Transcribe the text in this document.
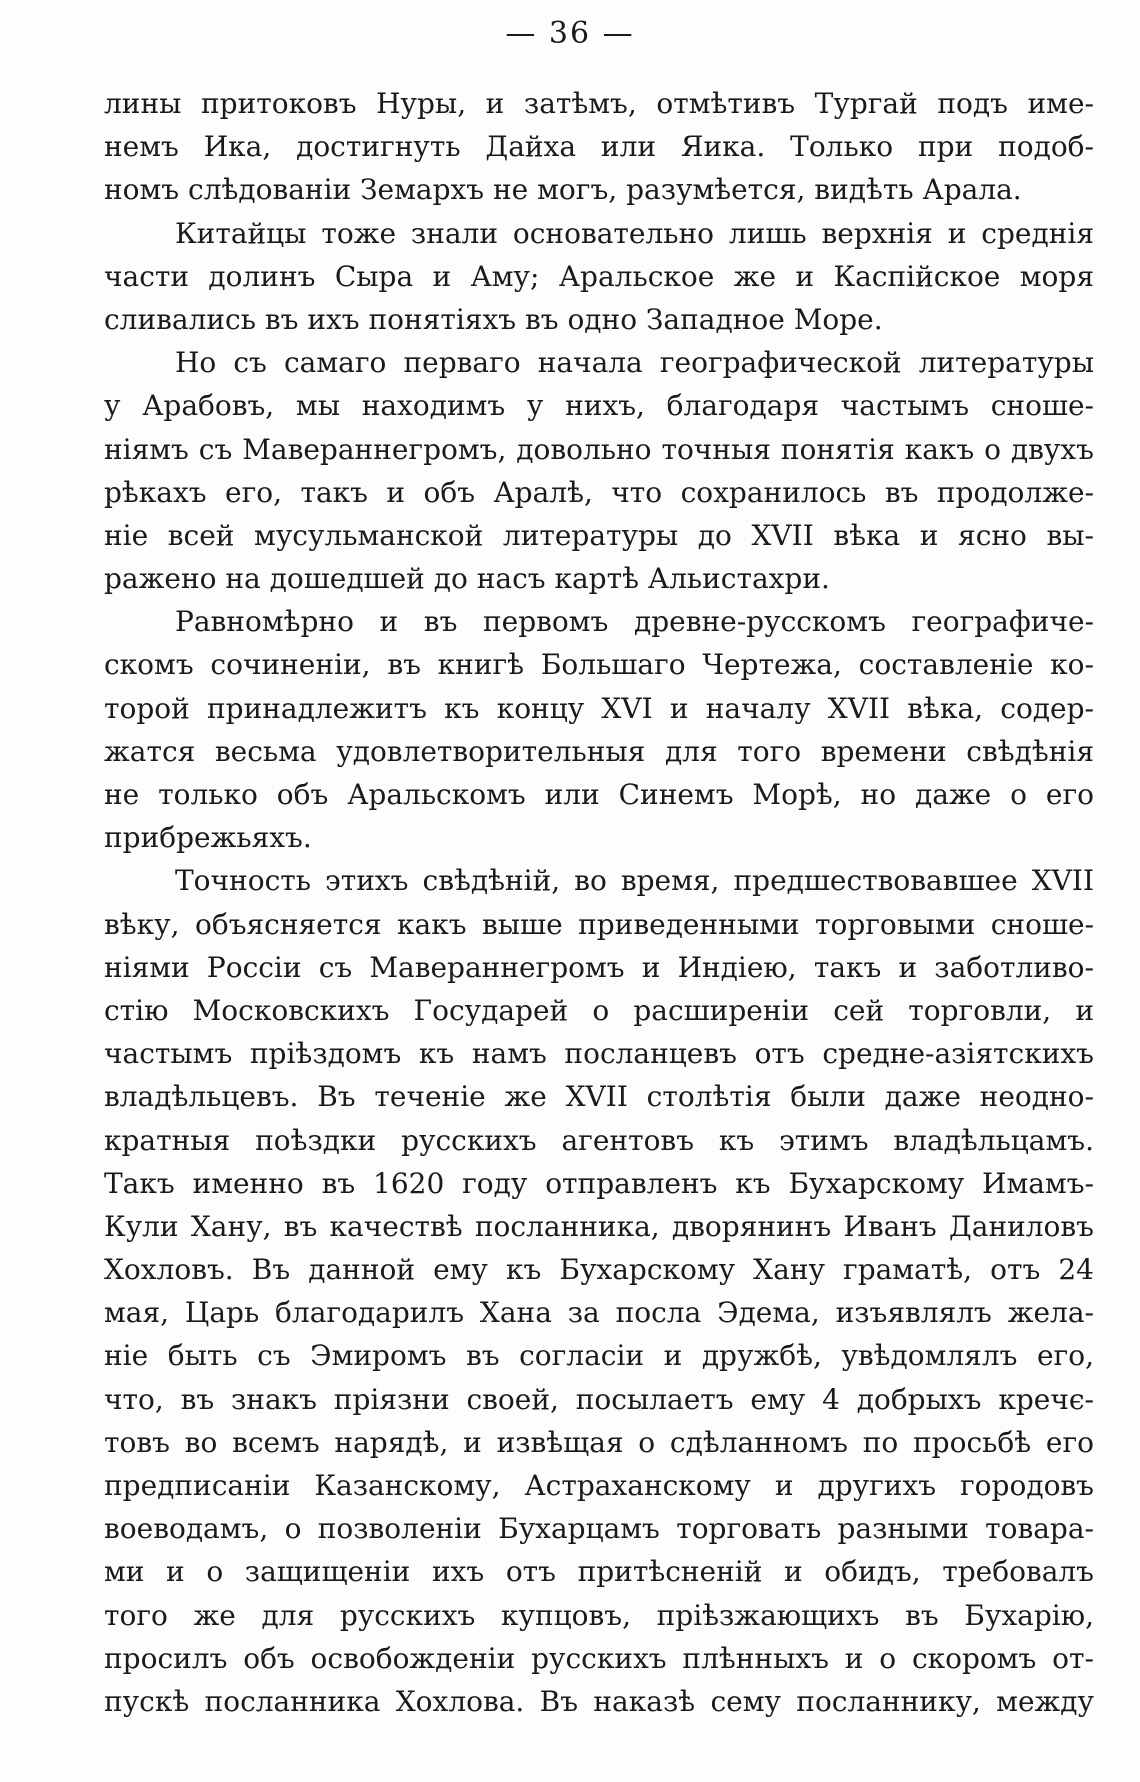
— 36 —
лины притоковъ Нуры, и затѣмъ, отмѣтивъ Тургай подъ име-
немъ Ика, достигнуть Дайха или Яика. Только при подоб-
номъ слѣдованіи Земархъ не могъ, разумѣется, видѣть Арала.
Китайцы тоже знали основательно лишь верхнія и среднія
части долинъ Сыра и Аму; Аральское же и Каспійское моря
сливались въ ихъ понятіяхъ въ одно Западное Море.
Но съ самаго перваго начала географической литературы
у Арабовъ, мы находимъ у нихъ, благодаря частымъ сноше-
ніямъ съ Мавераннегромъ, довольно точныя понятія какъ о двухъ
рѣкахъ его, такъ и объ Аралѣ, что сохранилось въ продолже-
ніе всей мусульманской литературы до XVII вѣка и ясно вы-
ражено на дошедшей до насъ картѣ Альистахри.
Равномѣрно и въ первомъ древне-русскомъ географиче-
скомъ сочиненіи, въ книгѣ Большаго Чертежа, составленіе ко-
торой принадлежитъ къ концу XVI и началу XVII вѣка, содер-
жатся весьма удовлетворительныя для того времени свѣдѣнія
не только объ Аральскомъ или Синемъ Морѣ, но даже о его
прибрежьяхъ.
Точность этихъ свѣдѣній, во время, предшествовавшее XVII
вѣку, объясняется какъ выше приведенными торговыми сноше-
ніями Россіи съ Мавераннегромъ и Индіею, такъ и заботливо-
стію Московскихъ Государей о расширеніи сей торговли, и
частымъ пріѣздомъ къ намъ посланцевъ отъ средне-азіятскихъ
владѣльцевъ. Въ теченіе же XVII столѣтія были даже неодно-
кратныя поѣздки русскихъ агентовъ къ этимъ владѣльцамъ.
Такъ именно въ 1620 году отправленъ къ Бухарскому Имамъ-
Кули Хану, въ качествѣ посланника, дворянинъ Иванъ Даниловъ
Хохловъ. Въ данной ему къ Бухарскому Хану граматѣ, отъ 24
мая, Царь благодарилъ Хана за посла Эдема, изъявлялъ жела-
ніе быть съ Эмиромъ въ согласіи и дружбѣ, увѣдомлялъ его,
что, въ знакъ пріязни своей, посылаетъ ему 4 добрыхъ кречє-
товъ во всемъ нарядѣ, и извѣщая о сдѣланномъ по просьбѣ его
предписаніи Казанскому, Астраханскому и другихъ городовъ
воеводамъ, о позволеніи Бухарцамъ торговать разными товара-
ми и о защищеніи ихъ отъ притѣсненій и обидъ, требовалъ
того же для русскихъ купцовъ, пріѣзжающихъ въ Бухарію,
просилъ объ освобожденіи русскихъ плѣнныхъ и о скоромъ от-
пускѣ посланника Хохлова. Въ наказѣ сему посланнику, между
